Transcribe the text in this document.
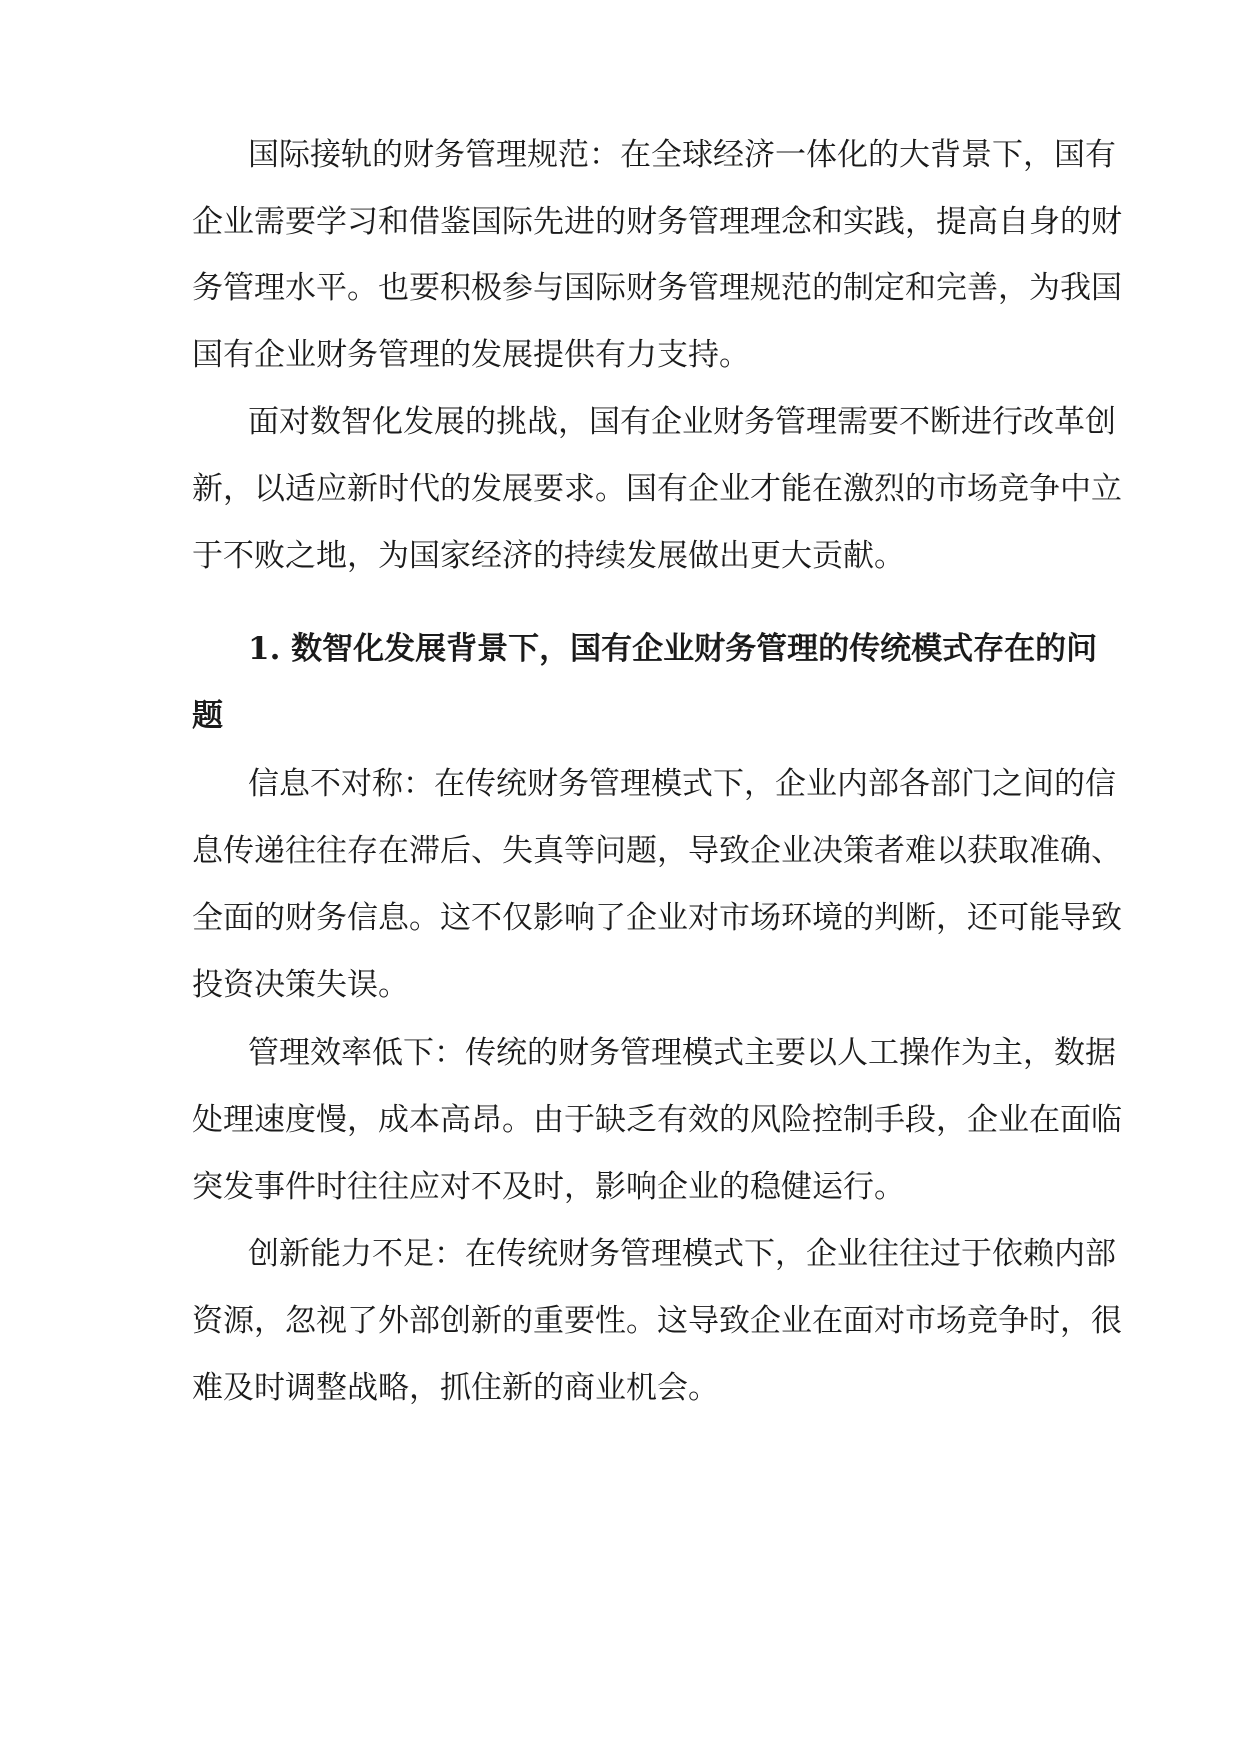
国际接轨的财务管理规范：在全球经济一体化的大背景下，国有
企业需要学习和借鉴国际先进的财务管理理念和实践，提高自身的财
务管理水平。也要积极参与国际财务管理规范的制定和完善，为我国
国有企业财务管理的发展提供有力支持。
面对数智化发展的挑战，国有企业财务管理需要不断进行改革创
新，以适应新时代的发展要求。国有企业才能在激烈的市场竞争中立
于不败之地，为国家经济的持续发展做出更大贡献。
1. 数智化发展背景下，国有企业财务管理的传统模式存在的问
题
信息不对称：在传统财务管理模式下，企业内部各部门之间的信
息传递往往存在滞后、失真等问题，导致企业决策者难以获取准确、
全面的财务信息。这不仅影响了企业对市场环境的判断，还可能导致
投资决策失误。
管理效率低下：传统的财务管理模式主要以人工操作为主，数据
处理速度慢，成本高昂。由于缺乏有效的风险控制手段，企业在面临
突发事件时往往应对不及时，影响企业的稳健运行。
创新能力不足：在传统财务管理模式下，企业往往过于依赖内部
资源，忽视了外部创新的重要性。这导致企业在面对市场竞争时，很
难及时调整战略，抓住新的商业机会。
